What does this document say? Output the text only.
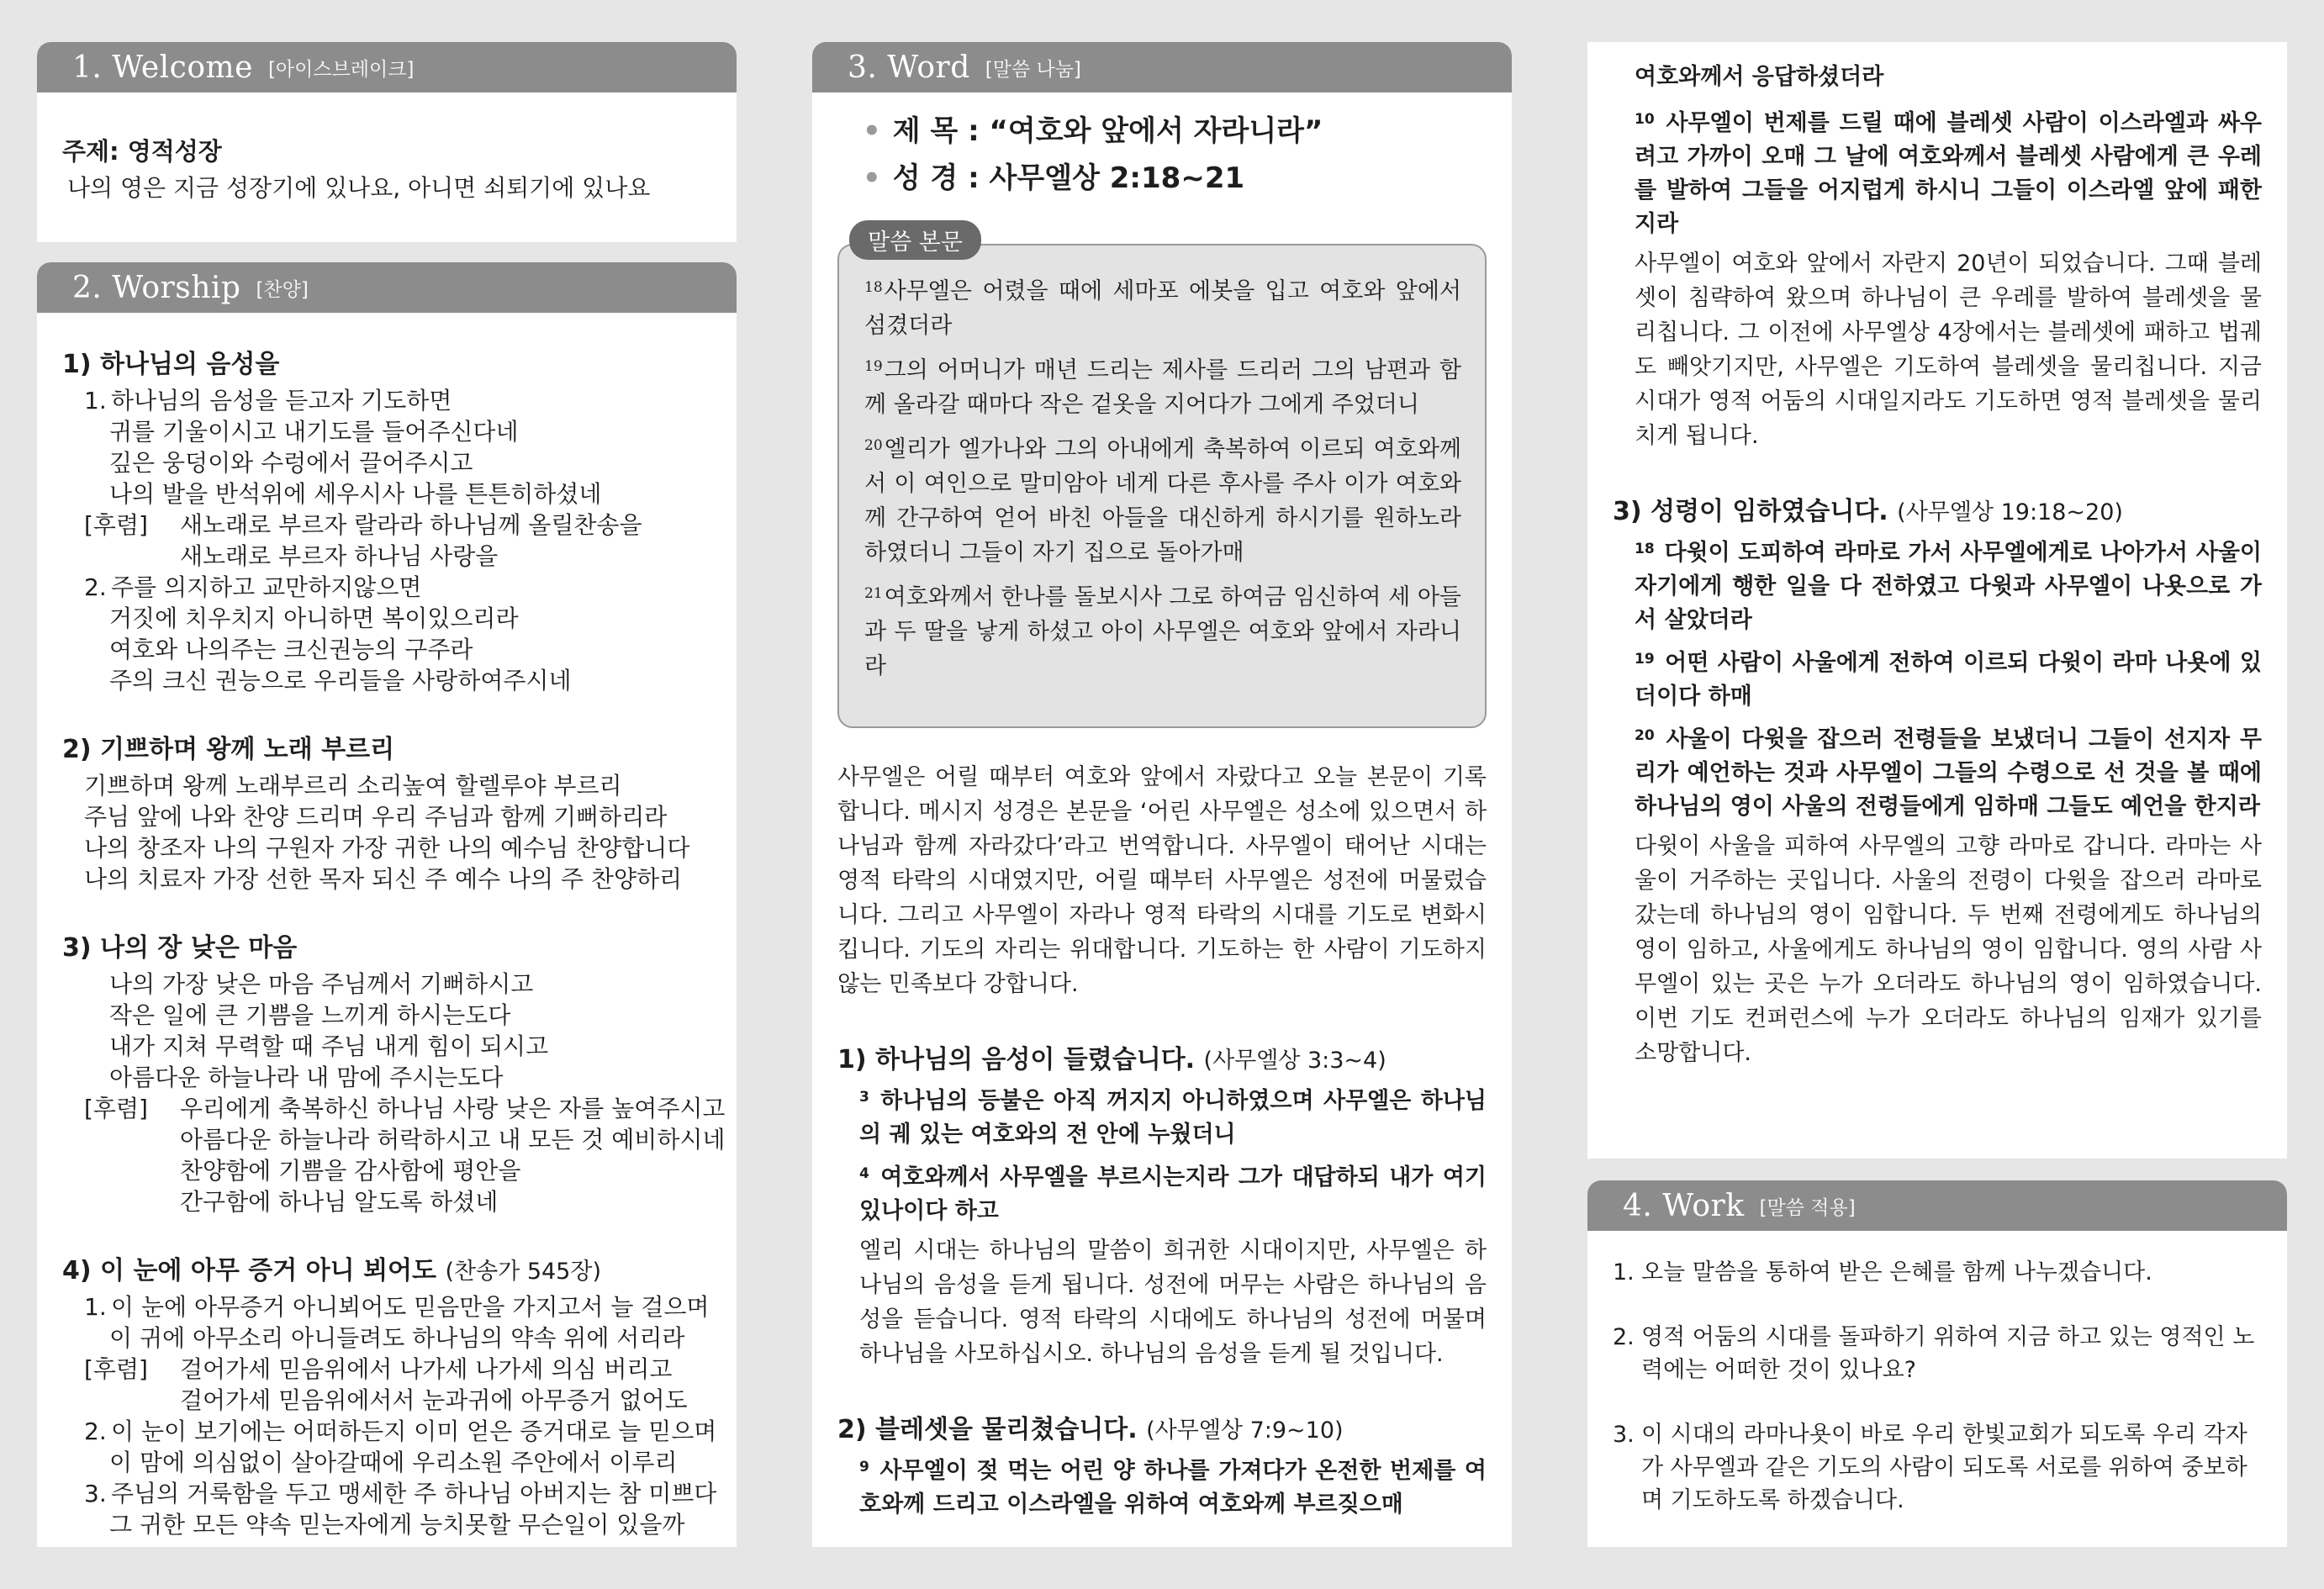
1. Welcome [아이스브레이크]
주제: 영적성장
나의 영은 지금 성장기에 있나요, 아니면 쇠퇴기에 있나요
2. Worship [찬양]
1) 하나님의 음성을
1. 하나님의 음성을 듣고자 기도하면
귀를 기울이시고 내기도를 들어주신다네
깊은 웅덩이와 수렁에서 끌어주시고
나의 발을 반석위에 세우시사 나를 튼튼히하셨네
[후렴]	새노래로 부르자 랄라라 하나님께 올릴찬송을
새노래로 부르자 하나님 사랑을
2. 주를 의지하고 교만하지않으면
거짓에 치우치지 아니하면 복이있으리라
여호와 나의주는 크신권능의 구주라
주의 크신 권능으로 우리들을 사랑하여주시네
2) 기쁘하며 왕께 노래 부르리
기쁘하며 왕께 노래부르리 소리높여 할렐루야 부르리
주님 앞에 나와 찬양 드리며 우리 주님과 함께 기뻐하리라
나의 창조자 나의 구원자 가장 귀한 나의 예수님 찬양합니다
나의 치료자 가장 선한 목자 되신 주 예수 나의 주 찬양하리
3) 나의 장 낮은 마음
나의 가장 낮은 마음 주님께서 기뻐하시고
작은 일에 큰 기쁨을 느끼게 하시는도다
내가 지쳐 무력할 때 주님 내게 힘이 되시고
아름다운 하늘나라 내 맘에 주시는도다
[후렴]	우리에게 축복하신 하나님 사랑 낮은 자를 높여주시고
아름다운 하늘나라 허락하시고 내 모든 것 예비하시네
찬양함에 기쁨을 감사함에 평안을
간구함에 하나님 알도록 하셨네
4) 이 눈에 아무 증거 아니 뵈어도 (찬송가 545장)
1. 이 눈에 아무증거 아니뵈어도 믿음만을 가지고서 늘 걸으며
이 귀에 아무소리 아니들려도 하나님의 약속 위에 서리라
[후렴]	걸어가세 믿음위에서 나가세 나가세 의심 버리고
걸어가세 믿음위에서서 눈과귀에 아무증거 없어도
2. 이 눈이 보기에는 어떠하든지 이미 얻은 증거대로 늘 믿으며
이 맘에 의심없이 살아갈때에 우리소원 주안에서 이루리
3. 주님의 거룩함을 두고 맹세한 주 하나님 아버지는 참 미쁘다
그 귀한 모든 약속 믿는자에게 능치못할 무슨일이 있을까
3. Word [말씀 나눔]
• 제 목 : “여호와 앞에서 자라니라”
• 성 경 : 사무엘상 2:18~21
말씀 본문
$^{18}$사무엘은 어렸을 때에 세마포 에봇을 입고 여호와 앞에서 섬겼더라
$^{19}$그의 어머니가 매년 드리는 제사를 드리러 그의 남편과 함께 올라갈 때마다 작은 겉옷을 지어다가 그에게 주었더니
$^{20}$엘리가 엘가나와 그의 아내에게 축복하여 이르되 여호와께서 이 여인으로 말미암아 네게 다른 후사를 주사 이가 여호와께 간구하여 얻어 바친 아들을 대신하게 하시기를 원하노라 하였더니 그들이 자기 집으로 돌아가매
$^{21}$여호와께서 한나를 돌보시사 그로 하여금 임신하여 세 아들과 두 딸을 낳게 하셨고 아이 사무엘은 여호와 앞에서 자라니라
사무엘은 어릴 때부터 여호와 앞에서 자랐다고 오늘 본문이 기록합니다. 메시지 성경은 본문을 ‘어린 사무엘은 성소에 있으면서 하나님과 함께 자라갔다’라고 번역합니다. 사무엘이 태어난 시대는 영적 타락의 시대였지만, 어릴 때부터 사무엘은 성전에 머물렀습니다. 그리고 사무엘이 자라나 영적 타락의 시대를 기도로 변화시킵니다. 기도의 자리는 위대합니다. 기도하는 한 사람이 기도하지 않는 민족보다 강합니다.
1) 하나님의 음성이 들렸습니다. (사무엘상 3:3~4)
$^3$ 하나님의 등불은 아직 꺼지지 아니하였으며 사무엘은 하나님의 궤 있는 여호와의 전 안에 누웠더니
$^4$ 여호와께서 사무엘을 부르시는지라 그가 대답하되 내가 여기 있나이다 하고
엘리 시대는 하나님의 말씀이 희귀한 시대이지만, 사무엘은 하나님의 음성을 듣게 됩니다. 성전에 머무는 사람은 하나님의 음성을 듣습니다. 영적 타락의 시대에도 하나님의 성전에 머물며 하나님을 사모하십시오. 하나님의 음성을 듣게 될 것입니다.
2) 블레셋을 물리쳤습니다. (사무엘상 7:9~10)
$^9$ 사무엘이 젖 먹는 어린 양 하나를 가져다가 온전한 번제를 여호와께 드리고 이스라엘을 위하여 여호와께 부르짖으매
여호와께서 응답하셨더라
$^{10}$ 사무엘이 번제를 드릴 때에 블레셋 사람이 이스라엘과 싸우려고 가까이 오매 그 날에 여호와께서 블레셋 사람에게 큰 우레를 발하여 그들을 어지럽게 하시니 그들이 이스라엘 앞에 패한지라
사무엘이 여호와 앞에서 자란지 20년이 되었습니다. 그때 블레셋이 침략하여 왔으며 하나님이 큰 우레를 발하여 블레셋을 물리칩니다. 그 이전에 사무엘상 4장에서는 블레셋에 패하고 법궤도 빼앗기지만, 사무엘은 기도하여 블레셋을 물리칩니다. 지금 시대가 영적 어둠의 시대일지라도 기도하면 영적 블레셋을 물리치게 됩니다.
3) 성령이 임하였습니다. (사무엘상 19:18~20)
$^{18}$ 다윗이 도피하여 라마로 가서 사무엘에게로 나아가서 사울이 자기에게 행한 일을 다 전하였고 다윗과 사무엘이 나욧으로 가서 살았더라
$^{19}$ 어떤 사람이 사울에게 전하여 이르되 다윗이 라마 나욧에 있더이다 하매
$^{20}$ 사울이 다윗을 잡으러 전령들을 보냈더니 그들이 선지자 무리가 예언하는 것과 사무엘이 그들의 수령으로 선 것을 볼 때에 하나님의 영이 사울의 전령들에게 임하매 그들도 예언을 한지라
다윗이 사울을 피하여 사무엘의 고향 라마로 갑니다. 라마는 사울이 거주하는 곳입니다. 사울의 전령이 다윗을 잡으러 라마로 갔는데 하나님의 영이 임합니다. 두 번째 전령에게도 하나님의 영이 임하고, 사울에게도 하나님의 영이 임합니다. 영의 사람 사무엘이 있는 곳은 누가 오더라도 하나님의 영이 임하였습니다. 이번 기도 컨퍼런스에 누가 오더라도 하나님의 임재가 있기를 소망합니다.
4. Work [말씀 적용]
1. 오늘 말씀을 통하여 받은 은혜를 함께 나누겠습니다.
2. 영적 어둠의 시대를 돌파하기 위하여 지금 하고 있는 영적인 노력에는 어떠한 것이 있나요?
3. 이 시대의 라마나욧이 바로 우리 한빛교회가 되도록 우리 각자가 사무엘과 같은 기도의 사람이 되도록 서로를 위하여 중보하며 기도하도록 하겠습니다.
